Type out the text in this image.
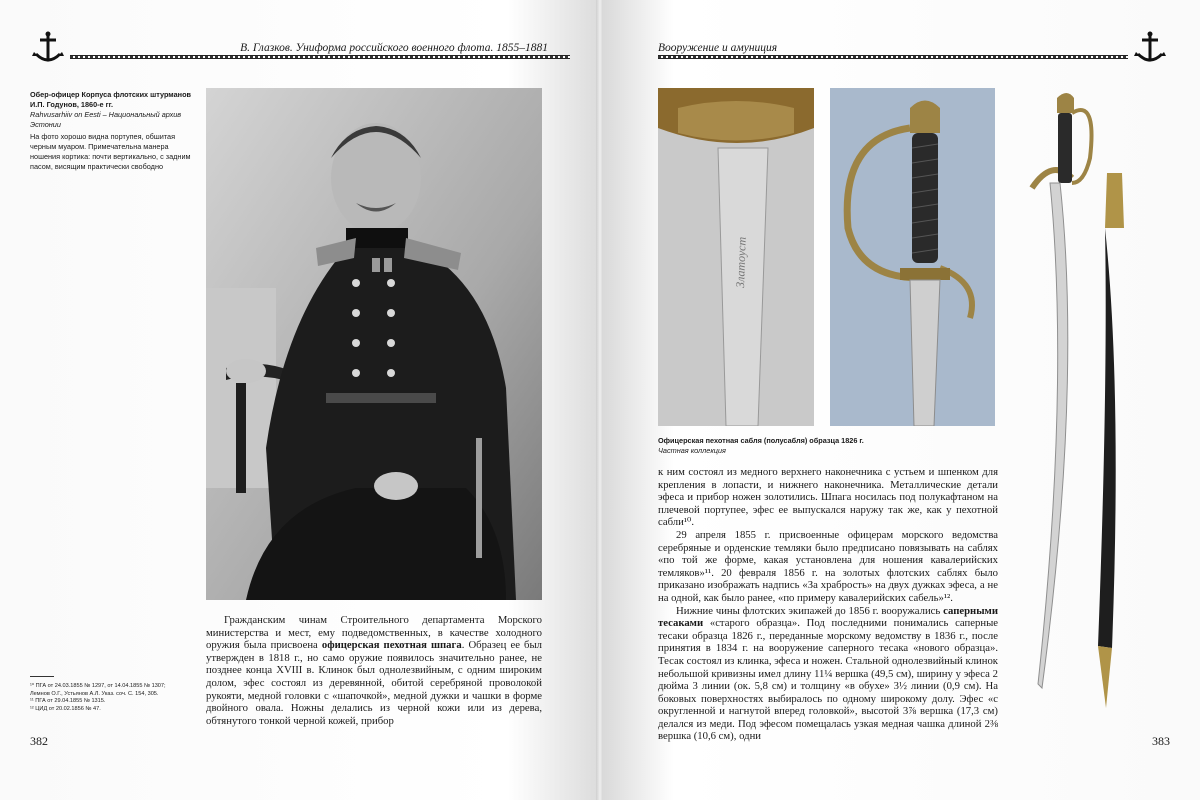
В. Глазков. Униформа российского военного флота. 1855–1881
Обер-офицер Корпуса флотских штурманов И.П. Годунов, 1860-е гг.
Rahvusarhiiv on Eesti – Национальный архив Эстонии
На фото хорошо видна портупея, обшитая черным муаром. Примечательна манера ношения кортика: почти вертикально, с задним пасом, висящим практически свободно

Гражданским чинам Строительного департамента Морского министерства и мест, ему подведомственных, в качестве холодного оружия была присвоена офицерская пехотная шпага. Образец ее был утвержден в 1818 г., но само оружие появилось значительно ранее, не позднее конца XVIII в. Клинок был однолезвийным, с одним широким долом, эфес состоял из деревянной, обитой серебряной проволокой рукояти, медной головки с «шапочкой», медной дужки и чашки в форме двойного овала. Ножны делались из черной кожи или из дерева, обтянутого тонкой черной кожей, прибор

¹⁰ ПГА от 24.03.1855 № 1297, от 14.04.1855 № 1307;
Лемнов О.Г., Устьянов А.Л. Указ. соч. С. 154, 305.
¹¹ ПГА от 29.04.1855 № 1315.
¹² ЦИД от 20.02.1856 № 47.
382
Вооружение и амуниция
Златоуст
Офицерская пехотная сабля (полусабля) образца 1826 г.
Частная коллекция

к ним состоял из медного верхнего наконечника с устьем и шпенком для крепления в лопасти, и нижнего наконечника. Металлические детали эфеса и прибор ножен золотились. Шпага носилась под полукафтаном на плечевой портупее, эфес ее выпускался наружу так же, как у пехотной сабли¹⁰.

29 апреля 1855 г. присвоенные офицерам морского ведомства серебряные и орденские темляки было предписано повязывать на саблях «по той же форме, какая установлена для ношения кавалерийских темляков»¹¹. 20 февраля 1856 г. на золотых флотских саблях было приказано изображать надпись «За храбрость» на двух дужках эфеса, а не на одной, как было ранее, «по примеру кавалерийских сабель»¹².

Нижние чины флотских экипажей до 1856 г. вооружались саперными тесаками «старого образца». Под последними понимались саперные тесаки образца 1826 г., переданные морскому ведомству в 1836 г., после принятия в 1834 г. на вооружение саперного тесака «нового образца». Тесак состоял из клинка, эфеса и ножен. Стальной однолезвийный клинок небольшой кривизны имел длину 11¼ вершка (49,5 см), ширину у эфеса 2 дюйма 3 линии (ок. 5,8 см) и толщину «в обухе» 3½ линии (0,9 см). На боковых поверхностях выбиралось по одному широкому долу. Эфес «с округленной и нагнутой вперед головкой», высотой 3⅞ вершка (17,3 см) делался из меди. Под эфесом помещалась узкая медная чашка длиной 2⅜ вершка (10,6 см), одни	383
